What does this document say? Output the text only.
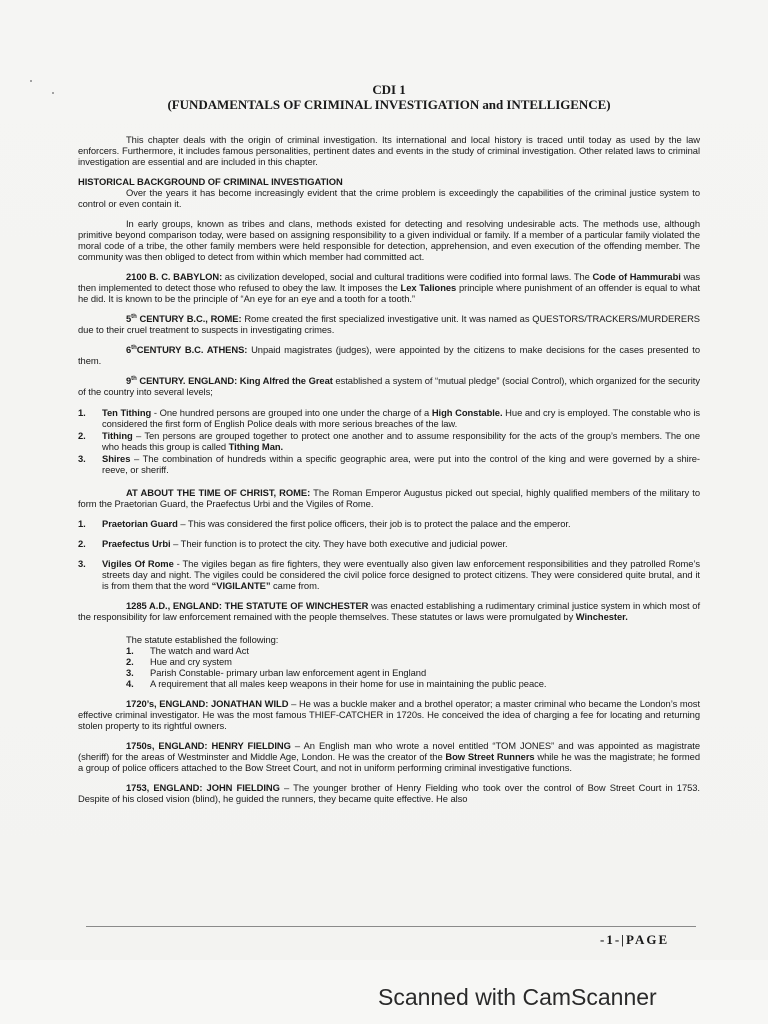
CDI 1
(FUNDAMENTALS OF CRIMINAL INVESTIGATION and INTELLIGENCE)

This chapter deals with the origin of criminal investigation. Its international and local history is traced until today as used by the law enforcers. Furthermore, it includes famous personalities, pertinent dates and events in the study of criminal investigation. Other related laws to criminal investigation are essential and are included in this chapter.

HISTORICAL BACKGROUND OF CRIMINAL INVESTIGATION

Over the years it has become increasingly evident that the crime problem is exceedingly the capabilities of the criminal justice system to control or even contain it.

In early groups, known as tribes and clans, methods existed for detecting and resolving undesirable acts. The methods use, although primitive beyond comparison today, were based on assigning responsibility to a given individual or family. If a member of a particular family violated the moral code of a tribe, the other family members were held responsible for detection, apprehension, and even execution of the offending member. The community was then obliged to detect from within which member had committed act.

2100 B. C. BABYLON: as civilization developed, social and cultural traditions were codified into formal laws. The Code of Hammurabi was then implemented to detect those who refused to obey the law. It imposes the Lex Taliones principle where punishment of an offender is equal to what he did. It is known to be the principle of “An eye for an eye and a tooth for a tooth.”

5th CENTURY B.C., ROME: Rome created the first specialized investigative unit. It was named as QUESTORS/TRACKERS/MURDERERS due to their cruel treatment to suspects in investigating crimes.

6thCENTURY B.C. ATHENS: Unpaid magistrates (judges), were appointed by the citizens to make decisions for the cases presented to them.

9th CENTURY. ENGLAND: King Alfred the Great established a system of “mutual pledge” (social Control), which organized for the security of the country into several levels;

1. Ten Tithing - One hundred persons are grouped into one under the charge of a High Constable. Hue and cry is employed. The constable who is considered the first form of English Police deals with more serious breaches of the law.
2. Tithing – Ten persons are grouped together to protect one another and to assume responsibility for the acts of the group’s members. The one who heads this group is called Tithing Man.
3. Shires – The combination of hundreds within a specific geographic area, were put into the control of the king and were governed by a shire-reeve, or sheriff.

AT ABOUT THE TIME OF CHRIST, ROME: The Roman Emperor Augustus picked out special, highly qualified members of the military to form the Praetorian Guard, the Praefectus Urbi and the Vigiles of Rome.

1. Praetorian Guard – This was considered the first police officers, their job is to protect the palace and the emperor.
2. Praefectus Urbi – Their function is to protect the city. They have both executive and judicial power.
3. Vigiles Of Rome - The vigiles began as fire fighters, they were eventually also given law enforcement responsibilities and they patrolled Rome’s streets day and night. The vigiles could be considered the civil police force designed to protect citizens. They were considered quite brutal, and it is from them that the word “VIGILANTE” came from.

1285 A.D., ENGLAND: THE STATUTE OF WINCHESTER was enacted establishing a rudimentary criminal justice system in which most of the responsibility for law enforcement remained with the people themselves. These statutes or laws were promulgated by Winchester.

The statute established the following:
1. The watch and ward Act
2. Hue and cry system
3. Parish Constable- primary urban law enforcement agent in England
4. A requirement that all males keep weapons in their home for use in maintaining the public peace.

1720’s, ENGLAND: JONATHAN WILD – He was a buckle maker and a brothel operator; a master criminal who became the London’s most effective criminal investigator. He was the most famous THIEF-CATCHER in 1720s. He conceived the idea of charging a fee for locating and returning stolen property to its rightful owners.

1750s, ENGLAND: HENRY FIELDING – An English man who wrote a novel entitled “TOM JONES” and was appointed as magistrate (sheriff) for the areas of Westminster and Middle Age, London. He was the creator of the Bow Street Runners while he was the magistrate; he formed a group of police officers attached to the Bow Street Court, and not in uniform performing criminal investigative functions.

1753, ENGLAND: JOHN FIELDING – The younger brother of Henry Fielding who took over the control of Bow Street Court in 1753. Despite of his closed vision (blind), he guided the runners, they became quite effective. He also

-1-|PAGE
Scanned with CamScanner
